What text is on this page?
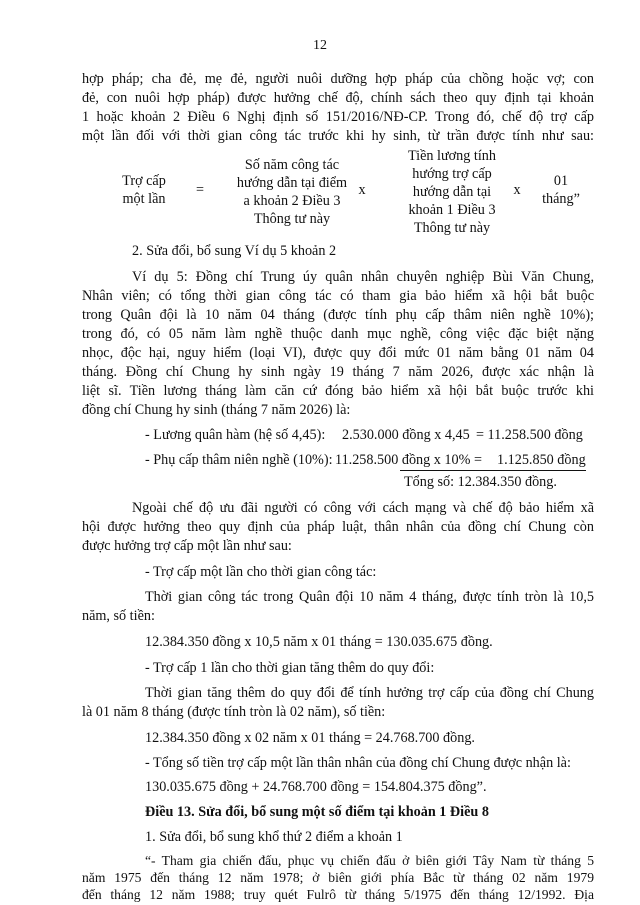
12
hợp pháp; cha đẻ, mẹ đẻ, người nuôi dưỡng hợp pháp của chồng hoặc vợ; con
đẻ, con nuôi hợp pháp) được hưởng chế độ, chính sách theo quy định tại khoản
1 hoặc khoản 2 Điều 6 Nghị định số 151/2016/NĐ-CP. Trong đó, chế độ trợ cấp
một lần đối với thời gian công tác trước khi hy sinh, từ trần được tính như sau:
Trợ cấp
một lần
=
Số năm công tác
hướng dẫn tại điểm
a khoản 2 Điều 3
Thông tư này
x
Tiền lương tính
hướng trợ cấp
hướng dẫn tại
khoản 1 Điều 3
Thông tư này
x
01
tháng”
2. Sửa đổi, bổ sung Ví dụ 5 khoản 2
Ví dụ 5: Đồng chí Trung úy quân nhân chuyên nghiệp Bùi Văn Chung,
Nhân viên; có tổng thời gian công tác có tham gia bảo hiểm xã hội bắt buộc
trong Quân đội là 10 năm 04 tháng (được tính phụ cấp thâm niên nghề 10%);
trong đó, có 05 năm làm nghề thuộc danh mục nghề, công việc đặc biệt nặng
nhọc, độc hại, nguy hiểm (loại VI), được quy đổi mức 01 năm bằng 01 năm 04
tháng. Đồng chí Chung hy sinh ngày 19 tháng 7 năm 2026, được xác nhận là
liệt sĩ. Tiền lương tháng làm căn cứ đóng bảo hiểm xã hội bắt buộc trước khi
đồng chí Chung hy sinh (tháng 7 năm 2026) là:
- Lương quân hàm (hệ số 4,45): 2.530.000 đồng x 4,45 = 11.258.500 đồng
- Phụ cấp thâm niên nghề (10%): 11.258.500 đồng x 10% = 1.125.850 đồng
Tổng số: 12.384.350 đồng.
Ngoài chế độ ưu đãi người có công với cách mạng và chế độ bảo hiểm xã
hội được hưởng theo quy định của pháp luật, thân nhân của đồng chí Chung còn
được hưởng trợ cấp một lần như sau:
- Trợ cấp một lần cho thời gian công tác:
Thời gian công tác trong Quân đội 10 năm 4 tháng, được tính tròn là 10,5
năm, số tiền:
12.384.350 đồng x 10,5 năm x 01 tháng = 130.035.675 đồng.
- Trợ cấp 1 lần cho thời gian tăng thêm do quy đổi:
Thời gian tăng thêm do quy đổi để tính hưởng trợ cấp của đồng chí Chung
là 01 năm 8 tháng (được tính tròn là 02 năm), số tiền:
12.384.350 đồng x 02 năm x 01 tháng = 24.768.700 đồng.
- Tổng số tiền trợ cấp một lần thân nhân của đồng chí Chung được nhận là:
130.035.675 đồng + 24.768.700 đồng = 154.804.375 đồng”.
Điều 13. Sửa đổi, bổ sung một số điểm tại khoản 1 Điều 8
1. Sửa đổi, bổ sung khổ thứ 2 điểm a khoản 1
“- Tham gia chiến đấu, phục vụ chiến đấu ở biên giới Tây Nam từ tháng 5
năm 1975 đến tháng 12 năm 1978; ở biên giới phía Bắc từ tháng 02 năm 1979
đến tháng 12 năm 1988; truy quét Fulrô từ tháng 5/1975 đến tháng 12/1992. Địa
